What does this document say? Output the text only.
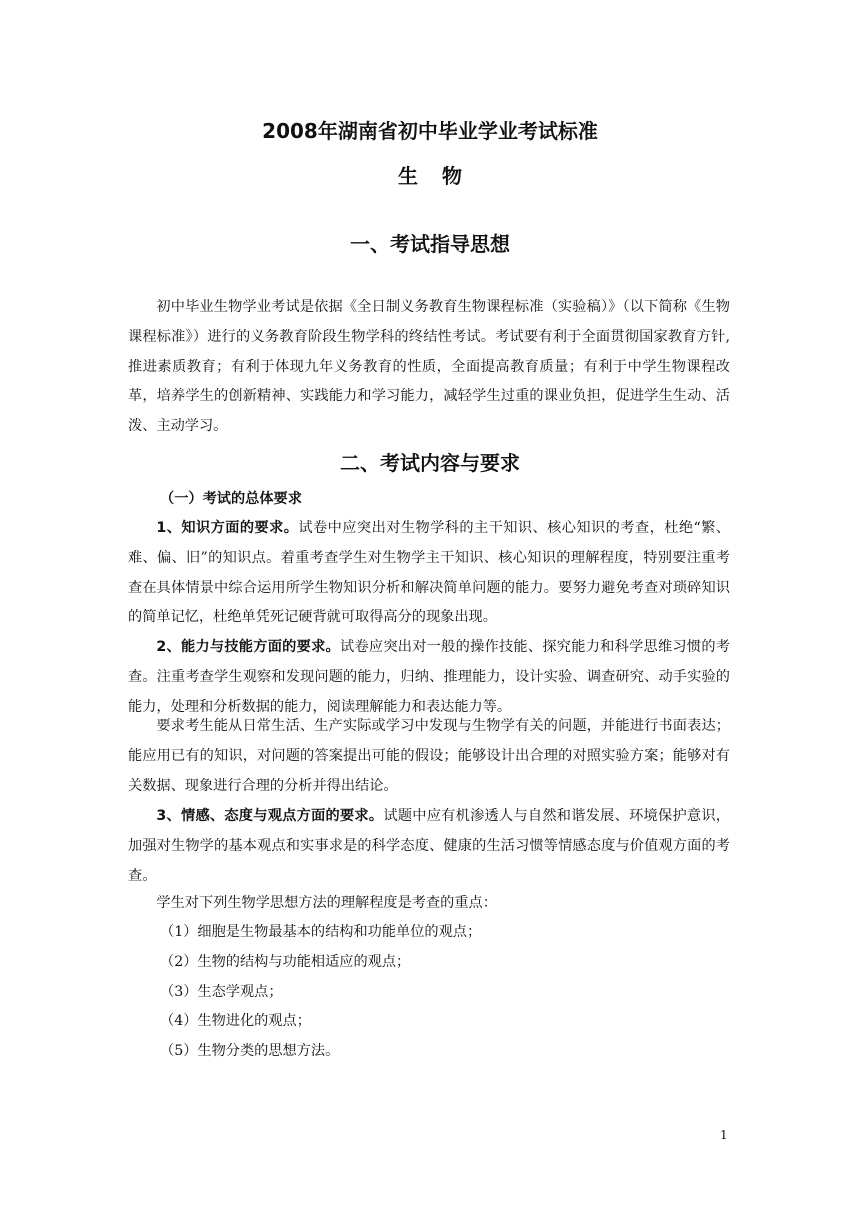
2008年湖南省初中毕业学业考试标准
生物
一、考试指导思想

初中毕业生物学业考试是依据《全日制义务教育生物课程标准（实验稿）》（以下简称《生物课程标准》）进行的义务教育阶段生物学科的终结性考试。考试要有利于全面贯彻国家教育方针,推进素质教育；有利于体现九年义务教育的性质，全面提高教育质量；有利于中学生物课程改革，培养学生的创新精神、实践能力和学习能力，减轻学生过重的课业负担，促进学生生动、活泼、主动学习。

二、考试内容与要求
（一）考试的总体要求

1、知识方面的要求。试卷中应突出对生物学科的主干知识、核心知识的考查，杜绝“繁、难、偏、旧”的知识点。着重考查学生对生物学主干知识、核心知识的理解程度，特别要注重考查在具体情景中综合运用所学生物知识分析和解决简单问题的能力。要努力避免考查对琐碎知识的简单记忆，杜绝单凭死记硬背就可取得高分的现象出现。

2、能力与技能方面的要求。试卷应突出对一般的操作技能、探究能力和科学思维习惯的考查。注重考查学生观察和发现问题的能力，归纳、推理能力，设计实验、调查研究、动手实验的能力，处理和分析数据的能力，阅读理解能力和表达能力等。

要求考生能从日常生活、生产实际或学习中发现与生物学有关的问题，并能进行书面表达；能应用已有的知识，对问题的答案提出可能的假设；能够设计出合理的对照实验方案；能够对有关数据、现象进行合理的分析并得出结论。

3、情感、态度与观点方面的要求。试题中应有机渗透人与自然和谐发展、环境保护意识，加强对生物学的基本观点和实事求是的科学态度、健康的生活习惯等情感态度与价值观方面的考查。

学生对下列生物学思想方法的理解程度是考查的重点：

（1）细胞是生物最基本的结构和功能单位的观点；
（2）生物的结构与功能相适应的观点；
（3）生态学观点；
（4）生物进化的观点；
（5）生物分类的思想方法。
1
